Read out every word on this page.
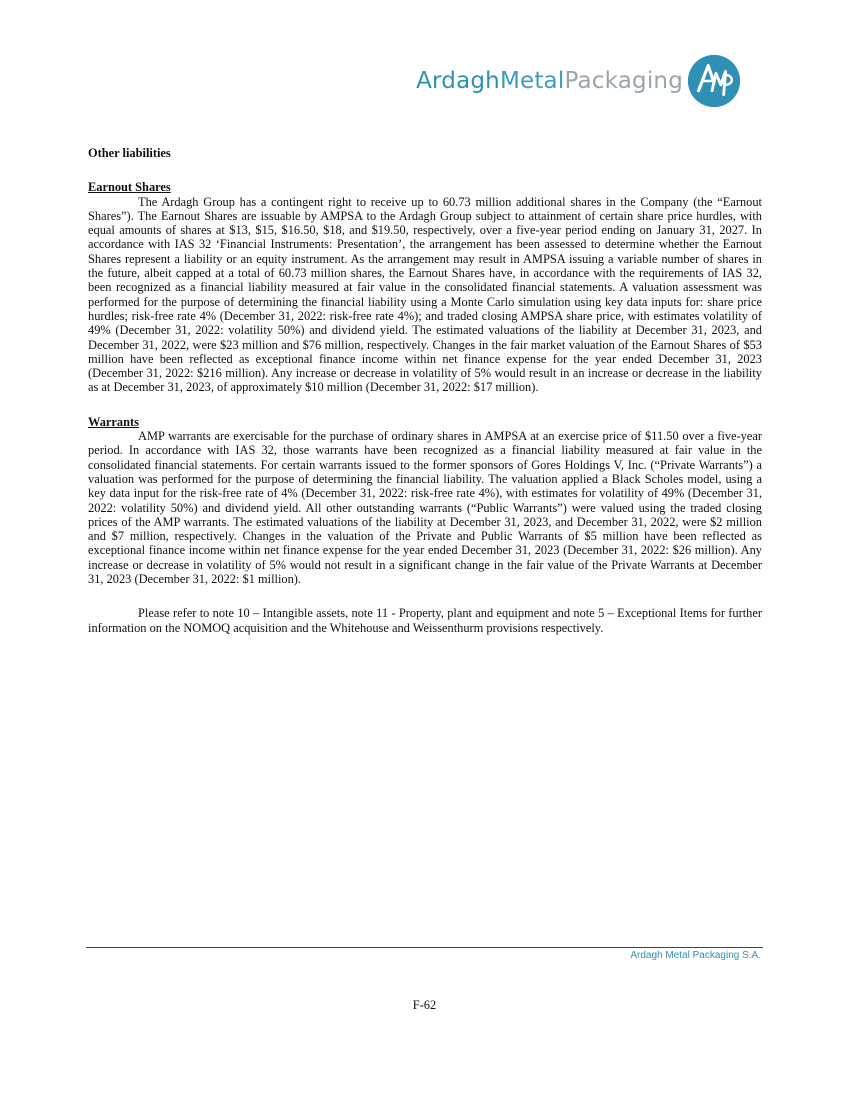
ArdaghMetalPackaging

Other liabilities

Earnout Shares

The Ardagh Group has a contingent right to receive up to 60.73 million additional shares in the Company (the “Earnout Shares”). The Earnout Shares are issuable by AMPSA to the Ardagh Group subject to attainment of certain share price hurdles, with equal amounts of shares at $13, $15, $16.50, $18, and $19.50, respectively, over a five-year period ending on January 31, 2027. In accordance with IAS 32 ‘Financial Instruments: Presentation’, the arrangement has been assessed to determine whether the Earnout Shares represent a liability or an equity instrument. As the arrangement may result in AMPSA issuing a variable number of shares in the future, albeit capped at a total of 60.73 million shares, the Earnout Shares have, in accordance with the requirements of IAS 32, been recognized as a financial liability measured at fair value in the consolidated financial statements. A valuation assessment was performed for the purpose of determining the financial liability using a Monte Carlo simulation using key data inputs for: share price hurdles; risk-free rate 4% (December 31, 2022: risk-free rate 4%); and traded closing AMPSA share price, with estimates volatility of 49% (December 31, 2022: volatility 50%) and dividend yield. The estimated valuations of the liability at December 31, 2023, and December 31, 2022, were $23 million and $76 million, respectively. Changes in the fair market valuation of the Earnout Shares of $53 million have been reflected as exceptional finance income within net finance expense for the year ended December 31, 2023 (December 31, 2022: $216 million). Any increase or decrease in volatility of 5% would result in an increase or decrease in the liability as at December 31, 2023, of approximately $10 million (December 31, 2022: $17 million).

Warrants

AMP warrants are exercisable for the purchase of ordinary shares in AMPSA at an exercise price of $11.50 over a five-year period. In accordance with IAS 32, those warrants have been recognized as a financial liability measured at fair value in the consolidated financial statements. For certain warrants issued to the former sponsors of Gores Holdings V, Inc. (“Private Warrants”) a valuation was performed for the purpose of determining the financial liability. The valuation applied a Black Scholes model, using a key data input for the risk-free rate of 4% (December 31, 2022: risk-free rate 4%), with estimates for volatility of 49% (December 31, 2022: volatility 50%) and dividend yield. All other outstanding warrants (“Public Warrants”) were valued using the traded closing prices of the AMP warrants. The estimated valuations of the liability at December 31, 2023, and December 31, 2022, were $2 million and $7 million, respectively. Changes in the valuation of the Private and Public Warrants of $5 million have been reflected as exceptional finance income within net finance expense for the year ended December 31, 2023 (December 31, 2022: $26 million). Any increase or decrease in volatility of 5% would not result in a significant change in the fair value of the Private Warrants at December 31, 2023 (December 31, 2022: $1 million).

Please refer to note 10 – Intangible assets, note 11 - Property, plant and equipment and note 5 – Exceptional Items for further information on the NOMOQ acquisition and the Whitehouse and Weissenthurm provisions respectively.

Ardagh Metal Packaging S.A.
F-62
